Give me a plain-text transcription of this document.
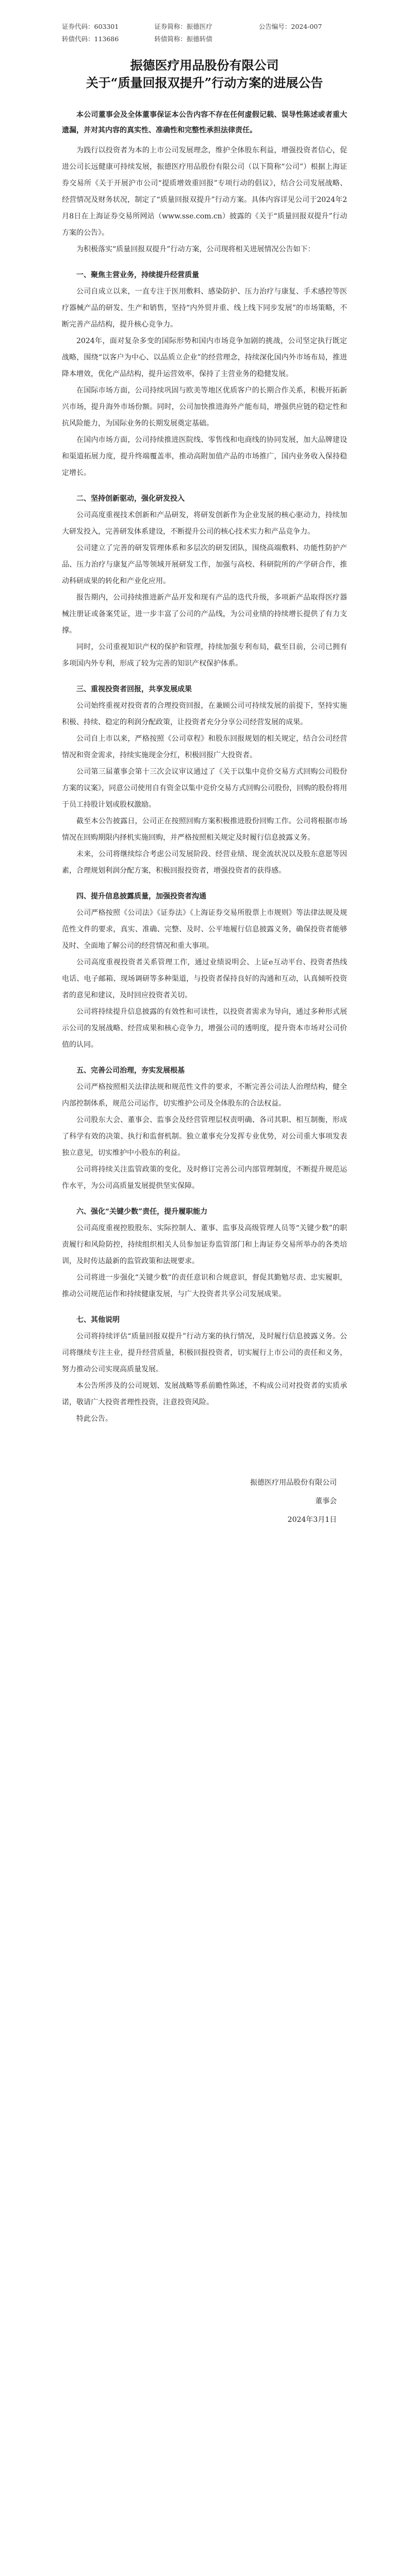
证券代码：603301	证券简称：振德医疗	公告编号：2024-007
转债代码：113686	转债简称：振德转债
振德医疗用品股份有限公司
关于“质量回报双提升”行动方案的进展公告
本公司董事会及全体董事保证本公告内容不存在任何虚假记载、误导性陈述或者重大遗漏，并对其内容的真实性、准确性和完整性承担法律责任。

为践行以投资者为本的上市公司发展理念，维护全体股东利益，增强投资者信心，促进公司长远健康可持续发展，振德医疗用品股份有限公司（以下简称“公司”）根据上海证券交易所《关于开展沪市公司“提质增效重回报”专项行动的倡议》，结合公司发展战略、经营情况及财务状况，制定了“质量回报双提升”行动方案。具体内容详见公司于2024年2月8日在上海证券交易所网站（www.sse.com.cn）披露的《关于“质量回报双提升”行动方案的公告》。

为积极落实“质量回报双提升”行动方案，公司现将相关进展情况公告如下：

一、聚焦主营业务，持续提升经营质量

公司自成立以来，一直专注于医用敷料、感染防护、压力治疗与康复、手术感控等医疗器械产品的研发、生产和销售，坚持“内外贸并重、线上线下同步发展”的市场策略，不断完善产品结构，提升核心竞争力。

2024年，面对复杂多变的国际形势和国内市场竞争加剧的挑战，公司坚定执行既定战略，围绕“以客户为中心、以品质立企业”的经营理念，持续深化国内外市场布局，推进降本增效，优化产品结构，提升运营效率，保持了主营业务的稳健发展。

在国际市场方面，公司持续巩固与欧美等地区优质客户的长期合作关系，积极开拓新兴市场，提升海外市场份额。同时，公司加快推进海外产能布局，增强供应链的稳定性和抗风险能力，为国际业务的长期发展奠定基础。

在国内市场方面，公司持续推进医院线、零售线和电商线的协同发展，加大品牌建设和渠道拓展力度，提升终端覆盖率，推动高附加值产品的市场推广，国内业务收入保持稳定增长。

二、坚持创新驱动，强化研发投入

公司高度重视技术创新和产品研发，将研发创新作为企业发展的核心驱动力，持续加大研发投入，完善研发体系建设，不断提升公司的核心技术实力和产品竞争力。

公司建立了完善的研发管理体系和多层次的研发团队，围绕高端敷料、功能性防护产品、压力治疗与康复产品等领域开展研发工作，加强与高校、科研院所的产学研合作，推动科研成果的转化和产业化应用。

报告期内，公司持续推进新产品开发和现有产品的迭代升级，多项新产品取得医疗器械注册证或备案凭证，进一步丰富了公司的产品线，为公司业绩的持续增长提供了有力支撑。

同时，公司重视知识产权的保护和管理，持续加强专利布局，截至目前，公司已拥有多项国内外专利，形成了较为完善的知识产权保护体系。

三、重视投资者回报，共享发展成果

公司始终重视对投资者的合理投资回报，在兼顾公司可持续发展的前提下，坚持实施积极、持续、稳定的利润分配政策，让投资者充分分享公司经营发展的成果。

公司自上市以来，严格按照《公司章程》和股东回报规划的相关规定，结合公司经营情况和资金需求，持续实施现金分红，积极回报广大投资者。

公司第三届董事会第十三次会议审议通过了《关于以集中竞价交易方式回购公司股份方案的议案》，同意公司使用自有资金以集中竞价交易方式回购公司股份，回购的股份将用于员工持股计划或股权激励。

截至本公告披露日，公司正在按照回购方案积极推进股份回购工作。公司将根据市场情况在回购期限内择机实施回购，并严格按照相关规定及时履行信息披露义务。

未来，公司将继续综合考虑公司发展阶段、经营业绩、现金流状况以及股东意愿等因素，合理规划利润分配方案，积极回报投资者，增强投资者的获得感。

四、提升信息披露质量，加强投资者沟通

公司严格按照《公司法》《证券法》《上海证券交易所股票上市规则》等法律法规及规范性文件的要求，真实、准确、完整、及时、公平地履行信息披露义务，确保投资者能够及时、全面地了解公司的经营情况和重大事项。

公司高度重视投资者关系管理工作，通过业绩说明会、上证e互动平台、投资者热线电话、电子邮箱、现场调研等多种渠道，与投资者保持良好的沟通和互动，认真倾听投资者的意见和建议，及时回应投资者关切。

公司将持续提升信息披露的有效性和可读性，以投资者需求为导向，通过多种形式展示公司的发展战略、经营成果和核心竞争力，增强公司的透明度，提升资本市场对公司价值的认同。

五、完善公司治理，夯实发展根基

公司严格按照相关法律法规和规范性文件的要求，不断完善公司法人治理结构，健全内部控制体系，规范公司运作，切实维护公司及全体股东的合法权益。

公司股东大会、董事会、监事会及经营管理层权责明确、各司其职、相互制衡，形成了科学有效的决策、执行和监督机制。独立董事充分发挥专业优势，对公司重大事项发表独立意见，切实维护中小股东的利益。

公司将持续关注监管政策的变化，及时修订完善公司内部管理制度，不断提升规范运作水平，为公司高质量发展提供坚实保障。

六、强化“关键少数”责任，提升履职能力

公司高度重视控股股东、实际控制人、董事、监事及高级管理人员等“关键少数”的职责履行和风险防控，持续组织相关人员参加证券监管部门和上海证券交易所举办的各类培训，及时传达最新的监管政策和法规要求。

公司将进一步强化“关键少数”的责任意识和合规意识，督促其勤勉尽责、忠实履职，推动公司规范运作和持续健康发展，与广大投资者共享公司发展成果。

七、其他说明

公司将持续评估“质量回报双提升”行动方案的执行情况，及时履行信息披露义务。公司将继续专注主业，提升经营质量，积极回报投资者，切实履行上市公司的责任和义务，努力推动公司实现高质量发展。

本公告所涉及的公司规划、发展战略等系前瞻性陈述，不构成公司对投资者的实质承诺，敬请广大投资者理性投资，注意投资风险。

特此公告。

振德医疗用品股份有限公司
董事会
2024年3月1日
